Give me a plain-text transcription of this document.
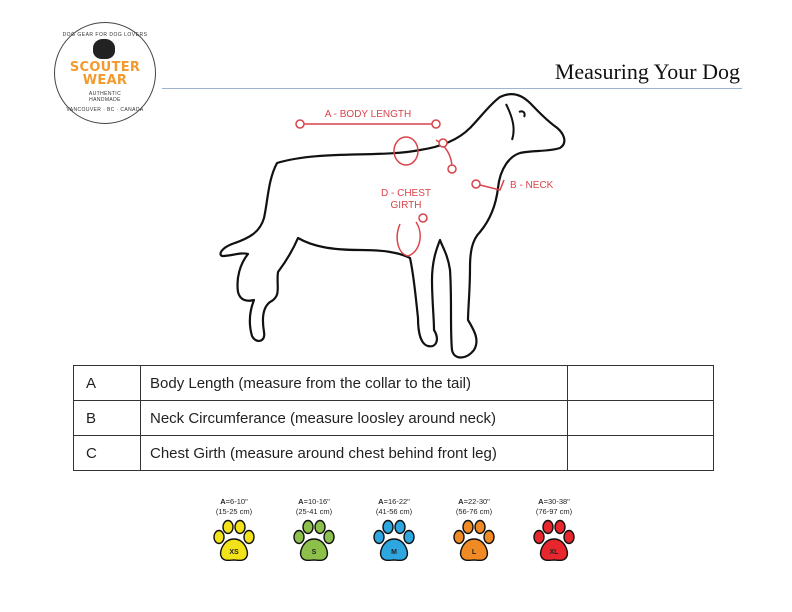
DOG GEAR FOR DOG LOVERS
SCOUTER
WEAR
AUTHENTIC
HANDMADE
VANCOUVER · BC · CANADA
Measuring Your Dog
A - BODY LENGTH
B - NECK
D - CHEST
GIRTH
A	Body Length (measure from the collar to the tail)	
B	Neck Circumferance (measure loosley around neck)	
C	Chest Girth (measure around chest behind front leg)	
A=6-10"
(15-25 cm)
XS
A=10-16"
(25-41 cm)
S
A=16-22"
(41-56 cm)
M
A=22-30"
(56-76 cm)
L
A=30-38"
(76-97 cm)
XL
